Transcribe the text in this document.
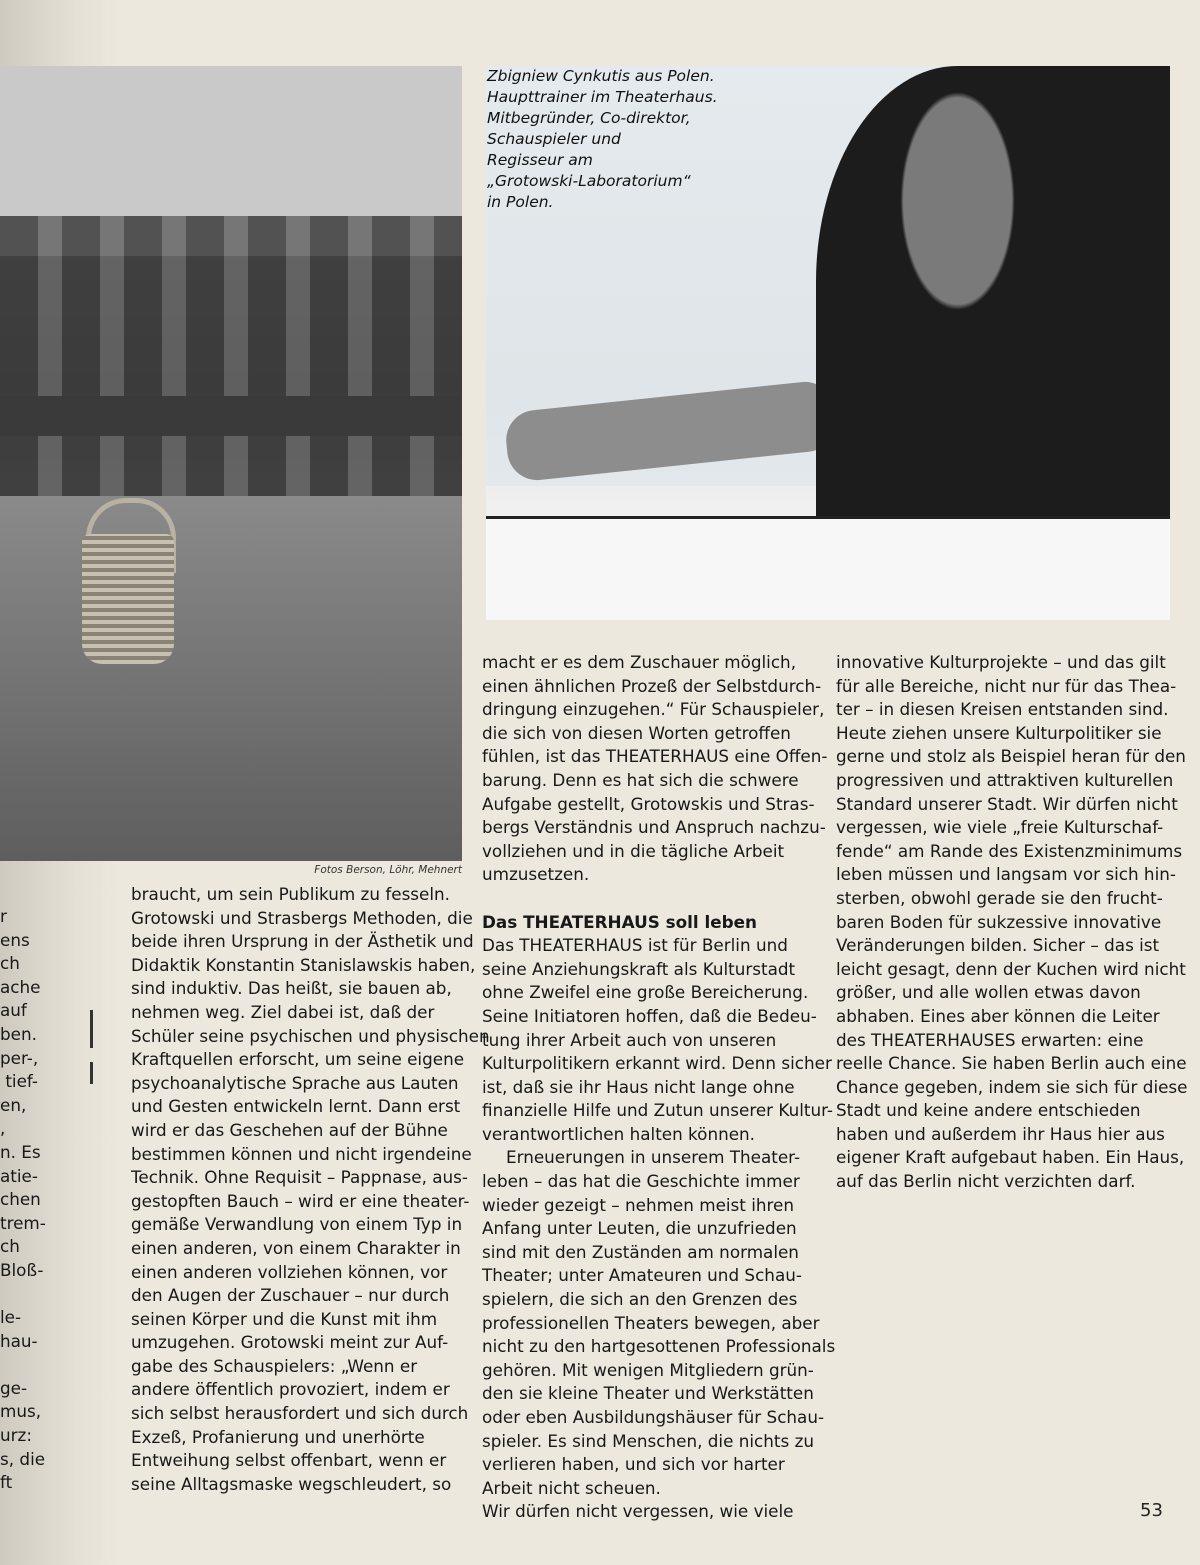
Zbigniew Cynkutis aus Polen.
Haupttrainer im Theaterhaus.
Mitbegründer, Co-direktor,
Schauspieler und
Regisseur am
„Grotowski-Laboratorium“
in Polen.
Fotos Berson, Löhr, Mehnert
r
ens
ch
ache
auf
ben.
per-,
tief-
en,
,
n. Es
atie-
chen
trem-
ch
Bloß-
le-
hau-
ge-
mus,
urz:
s, die
ft
braucht, um sein Publikum zu fesseln.
Grotowski und Strasbergs Methoden, die
beide ihren Ursprung in der Ästhetik und
Didaktik Konstantin Stanislawskis haben,
sind induktiv. Das heißt, sie bauen ab,
nehmen weg. Ziel dabei ist, daß der
Schüler seine psychischen und physischen
Kraftquellen erforscht, um seine eigene
psychoanalytische Sprache aus Lauten
und Gesten entwickeln lernt. Dann erst
wird er das Geschehen auf der Bühne
bestimmen können und nicht irgendeine
Technik. Ohne Requisit – Pappnase, aus-
gestopften Bauch – wird er eine theater-
gemäße Verwandlung von einem Typ in
einen anderen, von einem Charakter in
einen anderen vollziehen können, vor
den Augen der Zuschauer – nur durch
seinen Körper und die Kunst mit ihm
umzugehen. Grotowski meint zur Auf-
gabe des Schauspielers: „Wenn er
andere öffentlich provoziert, indem er
sich selbst herausfordert und sich durch
Exzeß, Profanierung und unerhörte
Entweihung selbst offenbart, wenn er
seine Alltagsmaske wegschleudert, so
macht er es dem Zuschauer möglich,
einen ähnlichen Prozeß der Selbstdurch-
dringung einzugehen.“ Für Schauspieler,
die sich von diesen Worten getroffen
fühlen, ist das THEATERHAUS eine Offen-
barung. Denn es hat sich die schwere
Aufgabe gestellt, Grotowskis und Stras-
bergs Verständnis und Anspruch nachzu-
vollziehen und in die tägliche Arbeit
umzusetzen.
Das THEATERHAUS soll leben
Das THEATERHAUS ist für Berlin und
seine Anziehungskraft als Kulturstadt
ohne Zweifel eine große Bereicherung.
Seine Initiatoren hoffen, daß die Bedeu-
tung ihrer Arbeit auch von unseren
Kulturpolitikern erkannt wird. Denn sicher
ist, daß sie ihr Haus nicht lange ohne
finanzielle Hilfe und Zutun unserer Kultur-
verantwortlichen halten können.
Erneuerungen in unserem Theater-
leben – das hat die Geschichte immer
wieder gezeigt – nehmen meist ihren
Anfang unter Leuten, die unzufrieden
sind mit den Zuständen am normalen
Theater; unter Amateuren und Schau-
spielern, die sich an den Grenzen des
professionellen Theaters bewegen, aber
nicht zu den hartgesottenen Professionals
gehören. Mit wenigen Mitgliedern grün-
den sie kleine Theater und Werkstätten
oder eben Ausbildungshäuser für Schau-
spieler. Es sind Menschen, die nichts zu
verlieren haben, und sich vor harter
Arbeit nicht scheuen.
Wir dürfen nicht vergessen, wie viele
innovative Kulturprojekte – und das gilt
für alle Bereiche, nicht nur für das Thea-
ter – in diesen Kreisen entstanden sind.
Heute ziehen unsere Kulturpolitiker sie
gerne und stolz als Beispiel heran für den
progressiven und attraktiven kulturellen
Standard unserer Stadt. Wir dürfen nicht
vergessen, wie viele „freie Kulturschaf-
fende“ am Rande des Existenzminimums
leben müssen und langsam vor sich hin-
sterben, obwohl gerade sie den frucht-
baren Boden für sukzessive innovative
Veränderungen bilden. Sicher – das ist
leicht gesagt, denn der Kuchen wird nicht
größer, und alle wollen etwas davon
abhaben. Eines aber können die Leiter
des THEATERHAUSES erwarten: eine
reelle Chance. Sie haben Berlin auch eine
Chance gegeben, indem sie sich für diese
Stadt und keine andere entschieden
haben und außerdem ihr Haus hier aus
eigener Kraft aufgebaut haben. Ein Haus,
auf das Berlin nicht verzichten darf.
53
